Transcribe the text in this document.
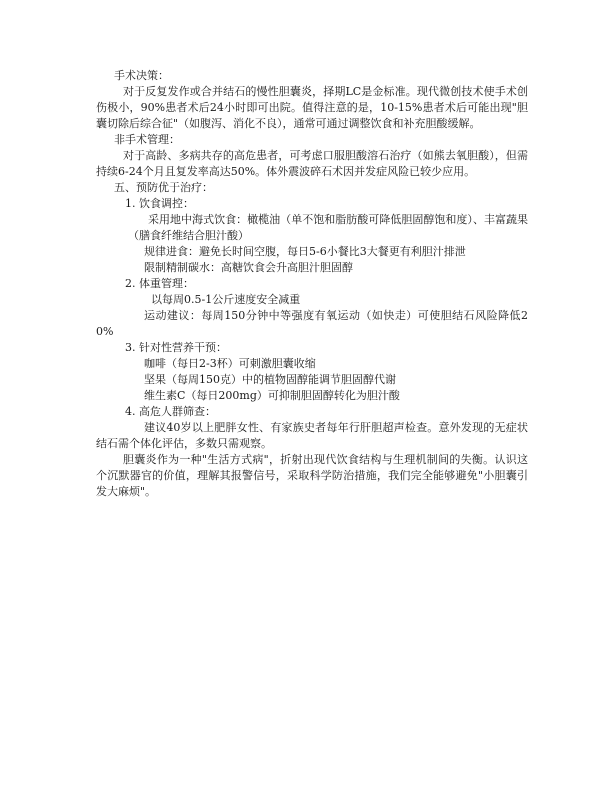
手术决策：

对于反复发作或合并结石的慢性胆囊炎，择期LC是金标准。现代微创技术使手术创伤极小，90%患者术后24小时即可出院。值得注意的是，10-15%患者术后可能出现"胆囊切除后综合征"（如腹泻、消化不良），通常可通过调整饮食和补充胆酸缓解。

非手术管理：

对于高龄、多病共存的高危患者，可考虑口服胆酸溶石治疗（如熊去氧胆酸），但需持续6-24个月且复发率高达50%。体外震波碎石术因并发症风险已较少应用。

五、预防优于治疗：

1. 饮食调控：

采用地中海式饮食：橄榄油（单不饱和脂肪酸可降低胆固醇饱和度）、丰富蔬果（膳食纤维结合胆汁酸）

规律进食：避免长时间空腹，每日5-6小餐比3大餐更有利胆汁排泄

限制精制碳水：高糖饮食会升高胆汁胆固醇

2. 体重管理：

以每周0.5-1公斤速度安全减重

运动建议：每周150分钟中等强度有氧运动（如快走）可使胆结石风险降低20%

3. 针对性营养干预：

咖啡（每日2-3杯）可刺激胆囊收缩

坚果（每周150克）中的植物固醇能调节胆固醇代谢

维生素C（每日200mg）可抑制胆固醇转化为胆汁酸

4. 高危人群筛查：

建议40岁以上肥胖女性、有家族史者每年行肝胆超声检查。意外发现的无症状结石需个体化评估，多数只需观察。

胆囊炎作为一种"生活方式病"，折射出现代饮食结构与生理机制间的失衡。认识这个沉默器官的价值，理解其报警信号，采取科学防治措施，我们完全能够避免"小胆囊引发大麻烦"。
